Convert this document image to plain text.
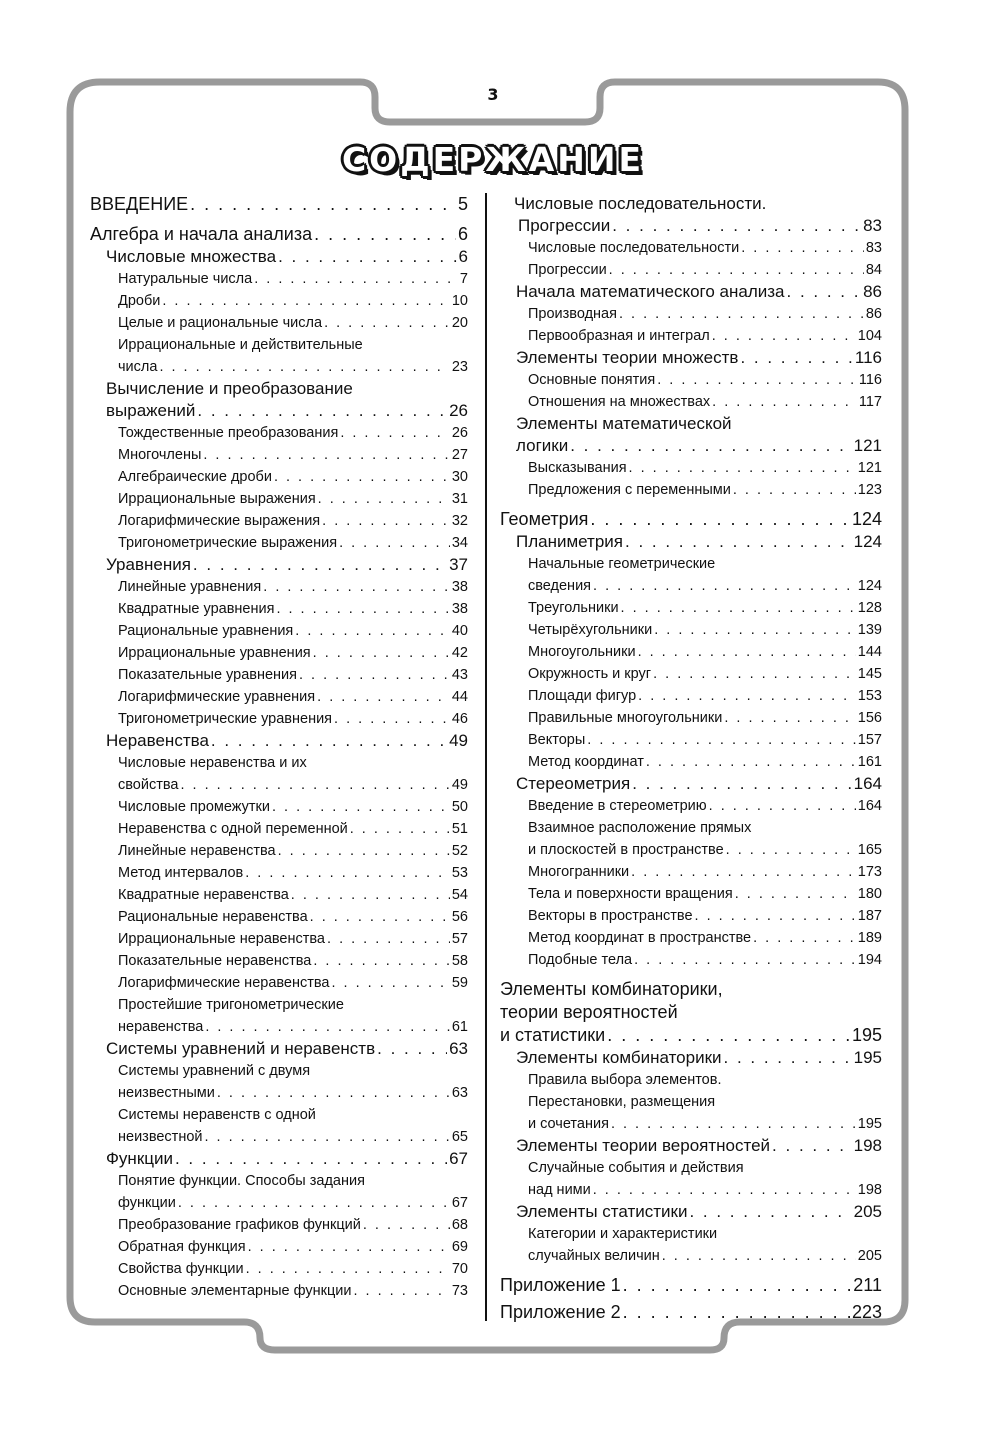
3
СОДЕРЖАНИЕ
ВВЕДЕНИЕ . . .	5
Алгебра и начала анализа . . .	6
Числовые множества . . .	6
Натуральные числа . . .	7
Дроби . . .	10
Целые и рациональные числа . . .	20
Иррациональные и действительные
числа . . .	23
Вычисление и преобразование
выражений . . .	26
Тождественные преобразования . . .	26
Многочлены . . .	27
Алгебраические дроби . . .	30
Иррациональные выражения . . .	31
Логарифмические выражения . . .	32
Тригонометрические выражения . . .	34
Уравнения . . .	37
Линейные уравнения . . .	38
Квадратные уравнения . . .	38
Рациональные уравнения . . .	40
Иррациональные уравнения . . .	42
Показательные уравнения . . .	43
Логарифмические уравнения . . .	44
Тригонометрические уравнения . . .	46
Неравенства . . .	49
Числовые неравенства и их
свойства . . .	49
Числовые промежутки . . .	50
Неравенства с одной переменной . . .	51
Линейные неравенства . . .	52
Метод интервалов . . .	53
Квадратные неравенства . . .	54
Рациональные неравенства . . .	56
Иррациональные неравенства . . .	57
Показательные неравенства . . .	58
Логарифмические неравенства . . .	59
Простейшие тригонометрические
неравенства . . .	61
Системы уравнений и неравенств . . .	63
Системы уравнений с двумя
неизвестными . . .	63
Системы неравенств с одной
неизвестной . . .	65
Функции . . .	67
Понятие функции. Способы задания
функции . . .	67
Преобразование графиков функций . . .	68
Обратная функция . . .	69
Свойства функции . . .	70
Основные элементарные функции . . .	73
Числовые последовательности.
Прогрессии . . .	83
Числовые последовательности . . .	83
Прогрессии . . .	84
Начала математического анализа . . .	86
Производная . . .	86
Первообразная и интеграл . . .	104
Элементы теории множеств . . .	116
Основные понятия . . .	116
Отношения на множествах . . .	117
Элементы математической
логики . . .	121
Высказывания . . .	121
Предложения с переменными . . .	123
Геометрия . . .	124
Планиметрия . . .	124
Начальные геометрические
сведения . . .	124
Треугольники . . .	128
Четырёхугольники . . .	139
Многоугольники . . .	144
Окружность и круг . . .	145
Площади фигур . . .	153
Правильные многоугольники . . .	156
Векторы . . .	157
Метод координат . . .	161
Стереометрия . . .	164
Введение в стереометрию . . .	164
Взаимное расположение прямых
и плоскостей в пространстве . . .	165
Многогранники . . .	173
Тела и поверхности вращения . . .	180
Векторы в пространстве . . .	187
Метод координат в пространстве . . .	189
Подобные тела . . .	194
Элементы комбинаторики,
теории вероятностей
и статистики . . .	195
Элементы комбинаторики . . .	195
Правила выбора элементов.
Перестановки, размещения
и сочетания . . .	195
Элементы теории вероятностей . . .	198
Случайные события и действия
над ними . . .	198
Элементы статистики . . .	205
Категории и характеристики
случайных величин . . .	205
Приложение 1 . . .	211
Приложение 2 . . .	223
